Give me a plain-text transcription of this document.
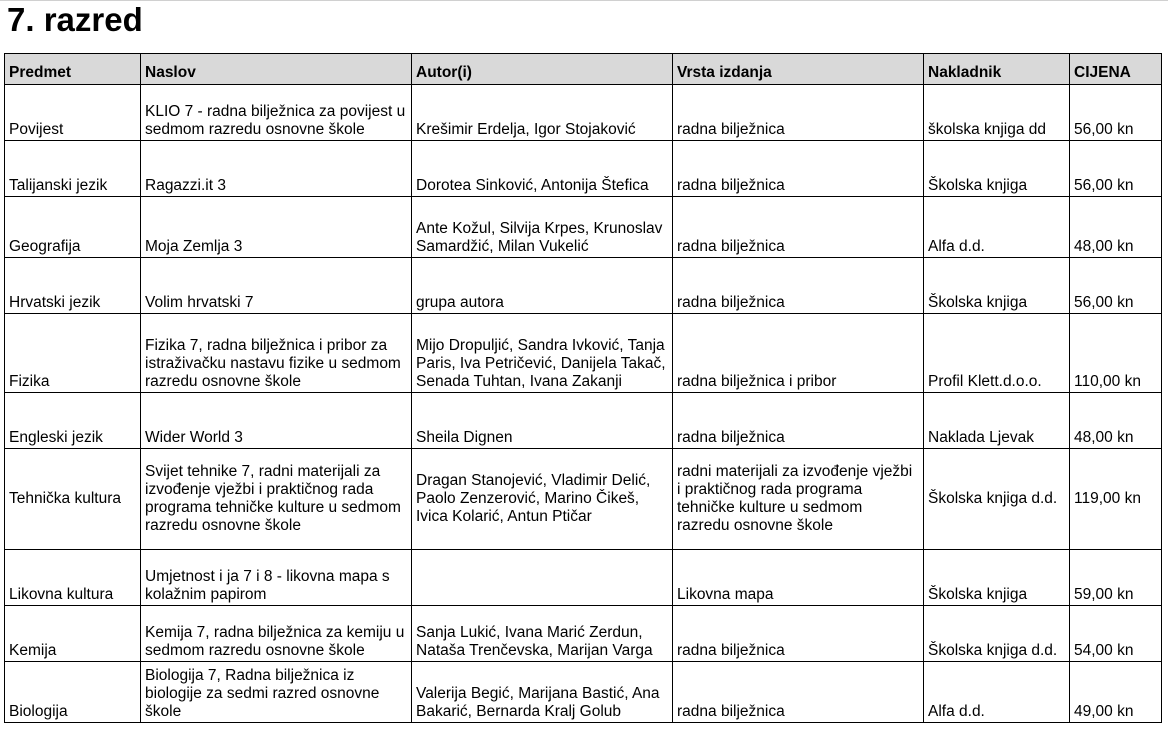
7. razred
Predmet	Naslov	Autor(i)	Vrsta izdanja	Nakladnik	CIJENA
Povijest	KLIO 7 - radna bilježnica za povijest u sedmom razredu osnovne škole	Krešimir Erdelja, Igor Stojaković	radna bilježnica	školska knjiga dd	56,00 kn
Talijanski jezik	Ragazzi.it 3	Dorotea Sinković, Antonija Štefica	radna bilježnica	Školska knjiga	56,00 kn
Geografija	Moja Zemlja 3	Ante Kožul, Silvija Krpes, Krunoslav Samardžić, Milan Vukelić	radna bilježnica	Alfa d.d.	48,00 kn
Hrvatski jezik	Volim hrvatski 7	grupa autora	radna bilježnica	Školska knjiga	56,00 kn
Fizika	Fizika 7, radna bilježnica i pribor za istraživačku nastavu fizike u sedmom razredu osnovne škole	Mijo Dropuljić, Sandra Ivković, Tanja Paris, Iva Petričević, Danijela Takač, Senada Tuhtan, Ivana Zakanji	radna bilježnica i pribor	Profil Klett.d.o.o.	110,00 kn
Engleski jezik	Wider World 3	Sheila Dignen	radna bilježnica	Naklada Ljevak	48,00 kn
Tehnička kultura	Svijet tehnike 7, radni materijali za izvođenje vježbi i praktičnog rada programa tehničke kulture u sedmom razredu osnovne škole	Dragan Stanojević, Vladimir Delić, Paolo Zenzerović, Marino Čikeš, Ivica Kolarić, Antun Ptičar	radni materijali za izvođenje vježbi i praktičnog rada programa tehničke kulture u sedmom razredu osnovne škole	Školska knjiga d.d.	119,00 kn
Likovna kultura	Umjetnost i ja 7 i 8 - likovna mapa s kolažnim papirom		Likovna mapa	Školska knjiga	59,00 kn
Kemija	Kemija 7, radna bilježnica za kemiju u sedmom razredu osnovne škole	Sanja Lukić, Ivana Marić Zerdun, Nataša Trenčevska, Marijan Varga	radna bilježnica	Školska knjiga d.d.	54,00 kn
Biologija	Biologija 7, Radna bilježnica iz biologije za sedmi razred osnovne škole	Valerija Begić, Marijana Bastić, Ana Bakarić, Bernarda Kralj Golub	radna bilježnica	Alfa d.d.	49,00 kn
